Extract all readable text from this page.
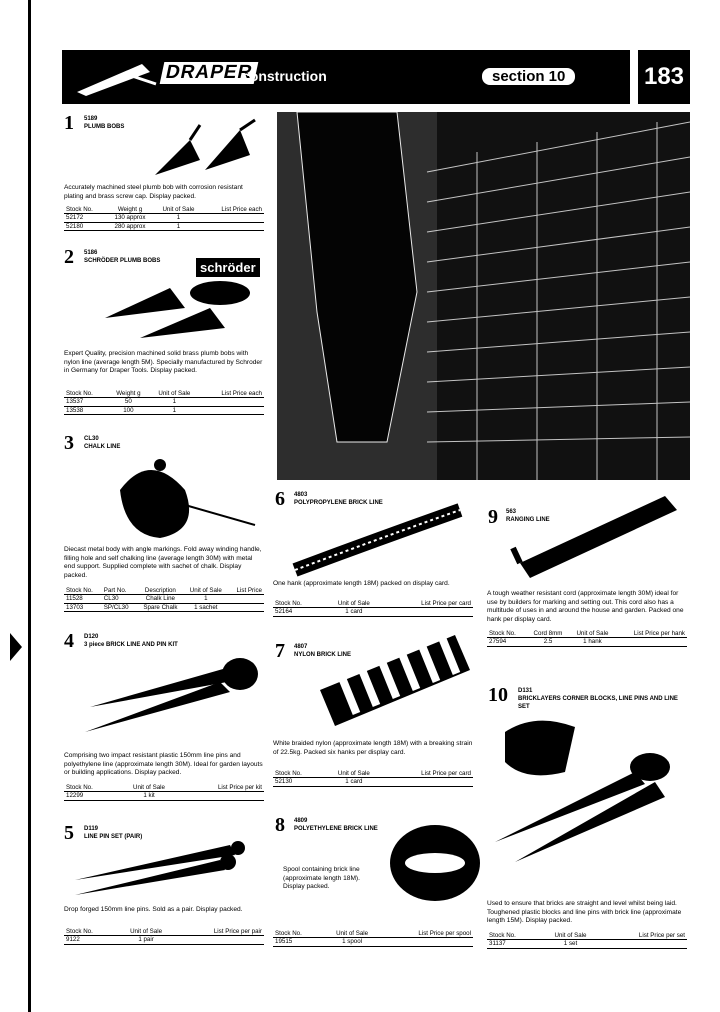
DRAPER
construction	section 10	183
1 5189
PLUMB BOBS
Accurately machined steel plumb bob with corrosion resistant plating and brass screw cap. Display packed.
Stock No.	Weight g	Unit of Sale	List Price each
52172	130 approx	1	
52180	280 approx	1	
2 5186
SCHRÖDER PLUMB BOBS	schröder
Expert Quality, precision machined solid brass plumb bobs with nylon line (average length 5M). Specially manufactured by Schroder in Germany for Draper Tools. Display packed.
Stock No.	Weight g	Unit of Sale	List Price each
13537	50	1	
13538	100	1	
3 CL30
CHALK LINE
Diecast metal body with angle markings. Fold away winding handle, filling hole and self chalking line (average length 30M) with metal end support. Supplied complete with sachet of chalk. Display packed.
Stock No.	Part No.	Description	Unit of Sale	List Price
11528	CL30	Chalk Line	1	
13703	SP/CL30	Spare Chalk	1 sachet	
4 D120
3 piece BRICK LINE AND PIN KIT
Comprising two impact resistant plastic 150mm line pins and polyethylene line (approximate length 30M). Ideal for garden layouts or building applications. Display packed.
Stock No.	Unit of Sale	List Price per kit
12299	1 kit	
5 D119
LINE PIN SET (PAIR)
Drop forged 150mm line pins. Sold as a pair. Display packed.
Stock No.	Unit of Sale	List Price per pair
9122	1 pair	
6 4803
POLYPROPYLENE BRICK LINE
One hank (approximate length 18M) packed on display card.
Stock No.	Unit of Sale	List Price per card
52164	1 card	
7 4807
NYLON BRICK LINE
White braided nylon (approximate length 18M) with a breaking strain of 22.5kg. Packed six hanks per display card.
Stock No.	Unit of Sale	List Price per card
52130	1 card	
8 4809
POLYETHYLENE BRICK LINE
Spool containing brick line (approximate length 18M). Display packed.
Stock No.	Unit of Sale	List Price per spool
19515	1 spool	
9 563
RANGING LINE
A tough weather resistant cord (approximate length 30M) ideal for use by builders for marking and setting out. This cord also has a multitude of uses in and around the house and garden. Packed one hank per display card.
Stock No.	Cord 8mm	Unit of Sale	List Price per hank
27594	2.5	1 hank	
10 D131
BRICKLAYERS CORNER BLOCKS, LINE PINS AND LINE SET
Used to ensure that bricks are straight and level whilst being laid. Toughened plastic blocks and line pins with brick line (approximate length 15M). Display packed.
Stock No.	Unit of Sale	List Price per set
31137	1 set	
